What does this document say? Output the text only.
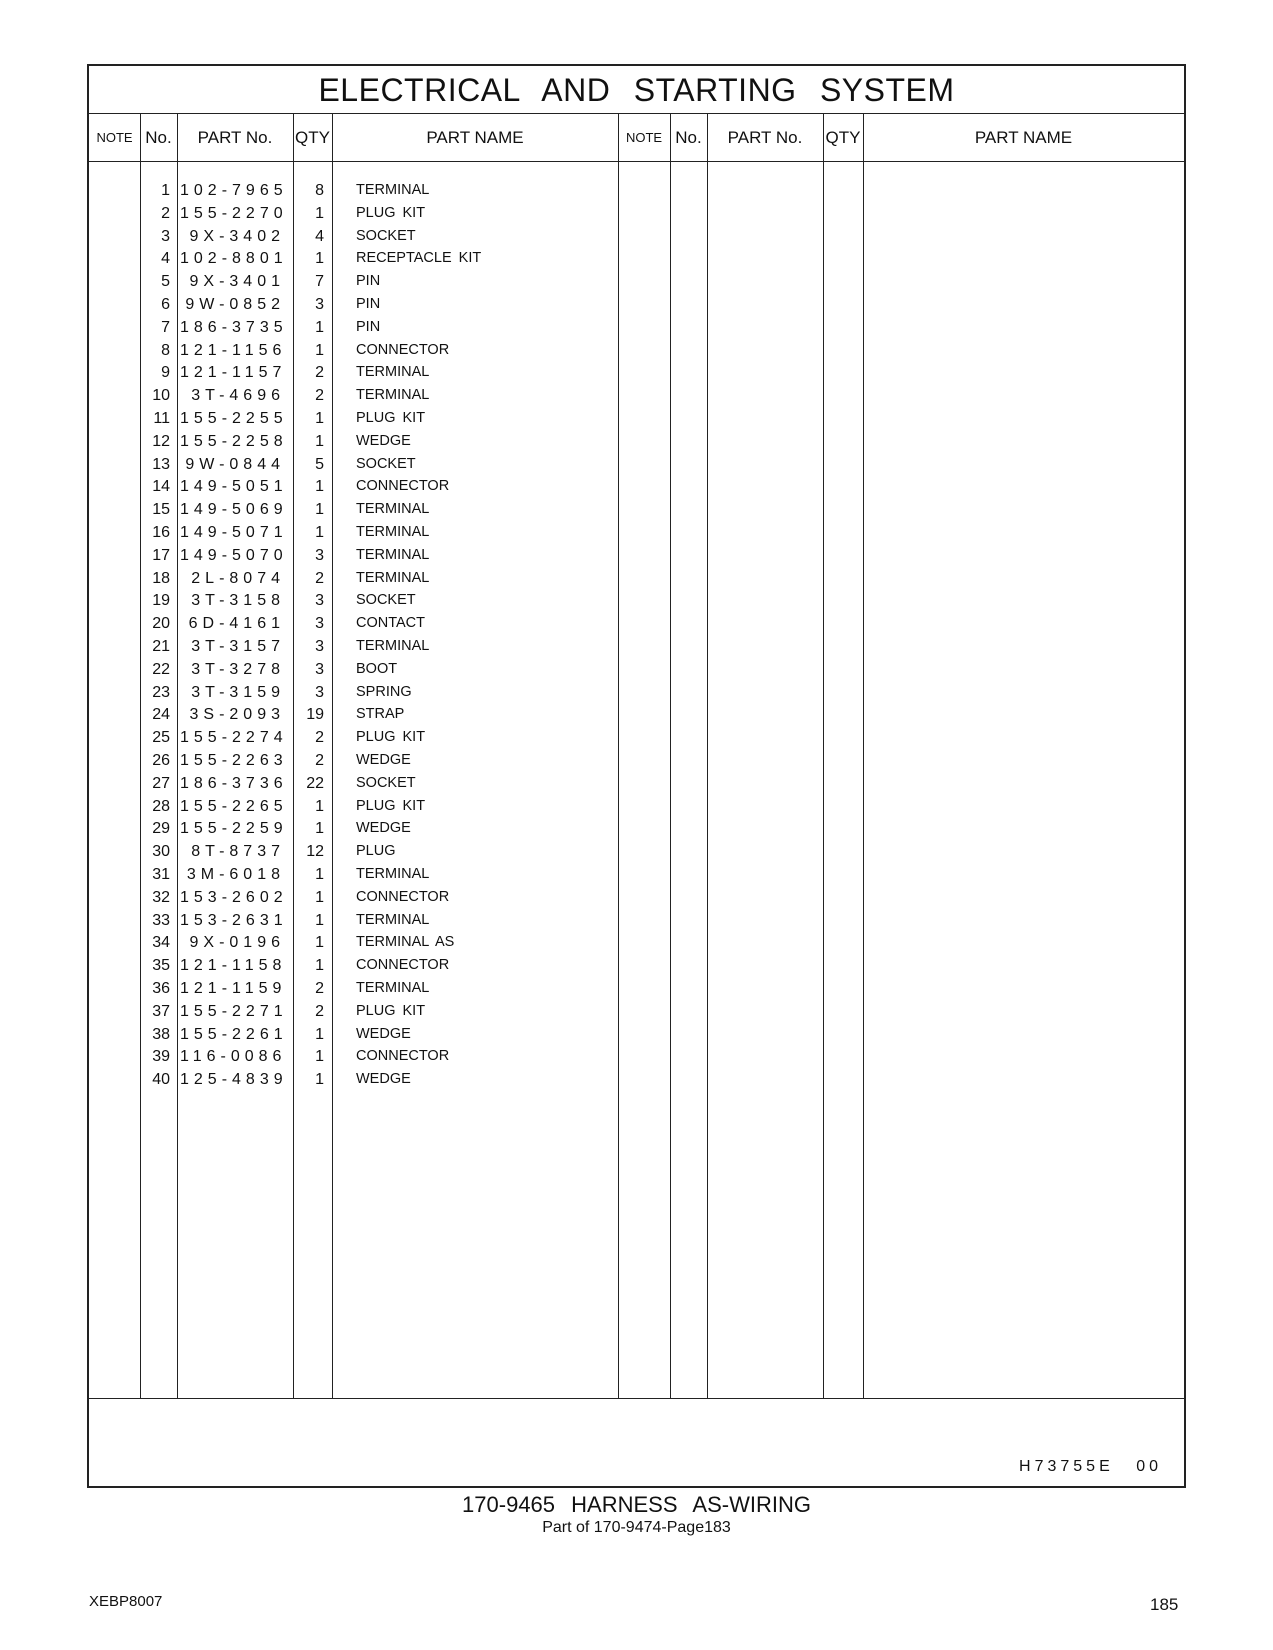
ELECTRICAL AND STARTING SYSTEM
NOTE No.	PART No.	QTY	PART NAME	NOTE No.	PART No.	QTY	PART NAME
1 102-7965	8 TERMINAL
2 155-2270	1 PLUG KIT
3	9X-3402	4 SOCKET
4 102-8801	1 RECEPTACLE KIT
5	9X-3401	7 PIN
6 9W-0852	3 PIN
7 186-3735	1 PIN
8 121-1156	1 CONNECTOR
9 121-1157	2 TERMINAL
10	3T-4696	2 TERMINAL
11 155-2255	1 PLUG KIT
12 155-2258	1 WEDGE
13 9W-0844	5 SOCKET
14 149-5051	1 CONNECTOR
15 149-5069	1 TERMINAL
16 149-5071	1 TERMINAL
17 149-5070	3 TERMINAL
18	2L-8074	2 TERMINAL
19	3T-3158	3 SOCKET
20	6D-4161	3 CONTACT
21	3T-3157	3 TERMINAL
22	3T-3278	3 BOOT
23	3T-3159	3 SPRING
24	3S-2093	19 STRAP
25 155-2274	2 PLUG KIT
26 155-2263	2 WEDGE
27 186-3736	22 SOCKET
28 155-2265	1 PLUG KIT
29 155-2259	1 WEDGE
30	8T-8737	12 PLUG
31	3M-6018	1 TERMINAL
32 153-2602	1 CONNECTOR
33 153-2631	1 TERMINAL
34	9X-0196	1 TERMINAL AS
35 121-1158	1 CONNECTOR
36 121-1159	2 TERMINAL
37 155-2271	2 PLUG KIT
38 155-2261	1 WEDGE
39 116-0086	1 CONNECTOR
40 125-4839	1 WEDGE
H73755E 00
170-9465 HARNESS AS-WIRING
Part of 170-9474-Page183
XEBP8007	185
